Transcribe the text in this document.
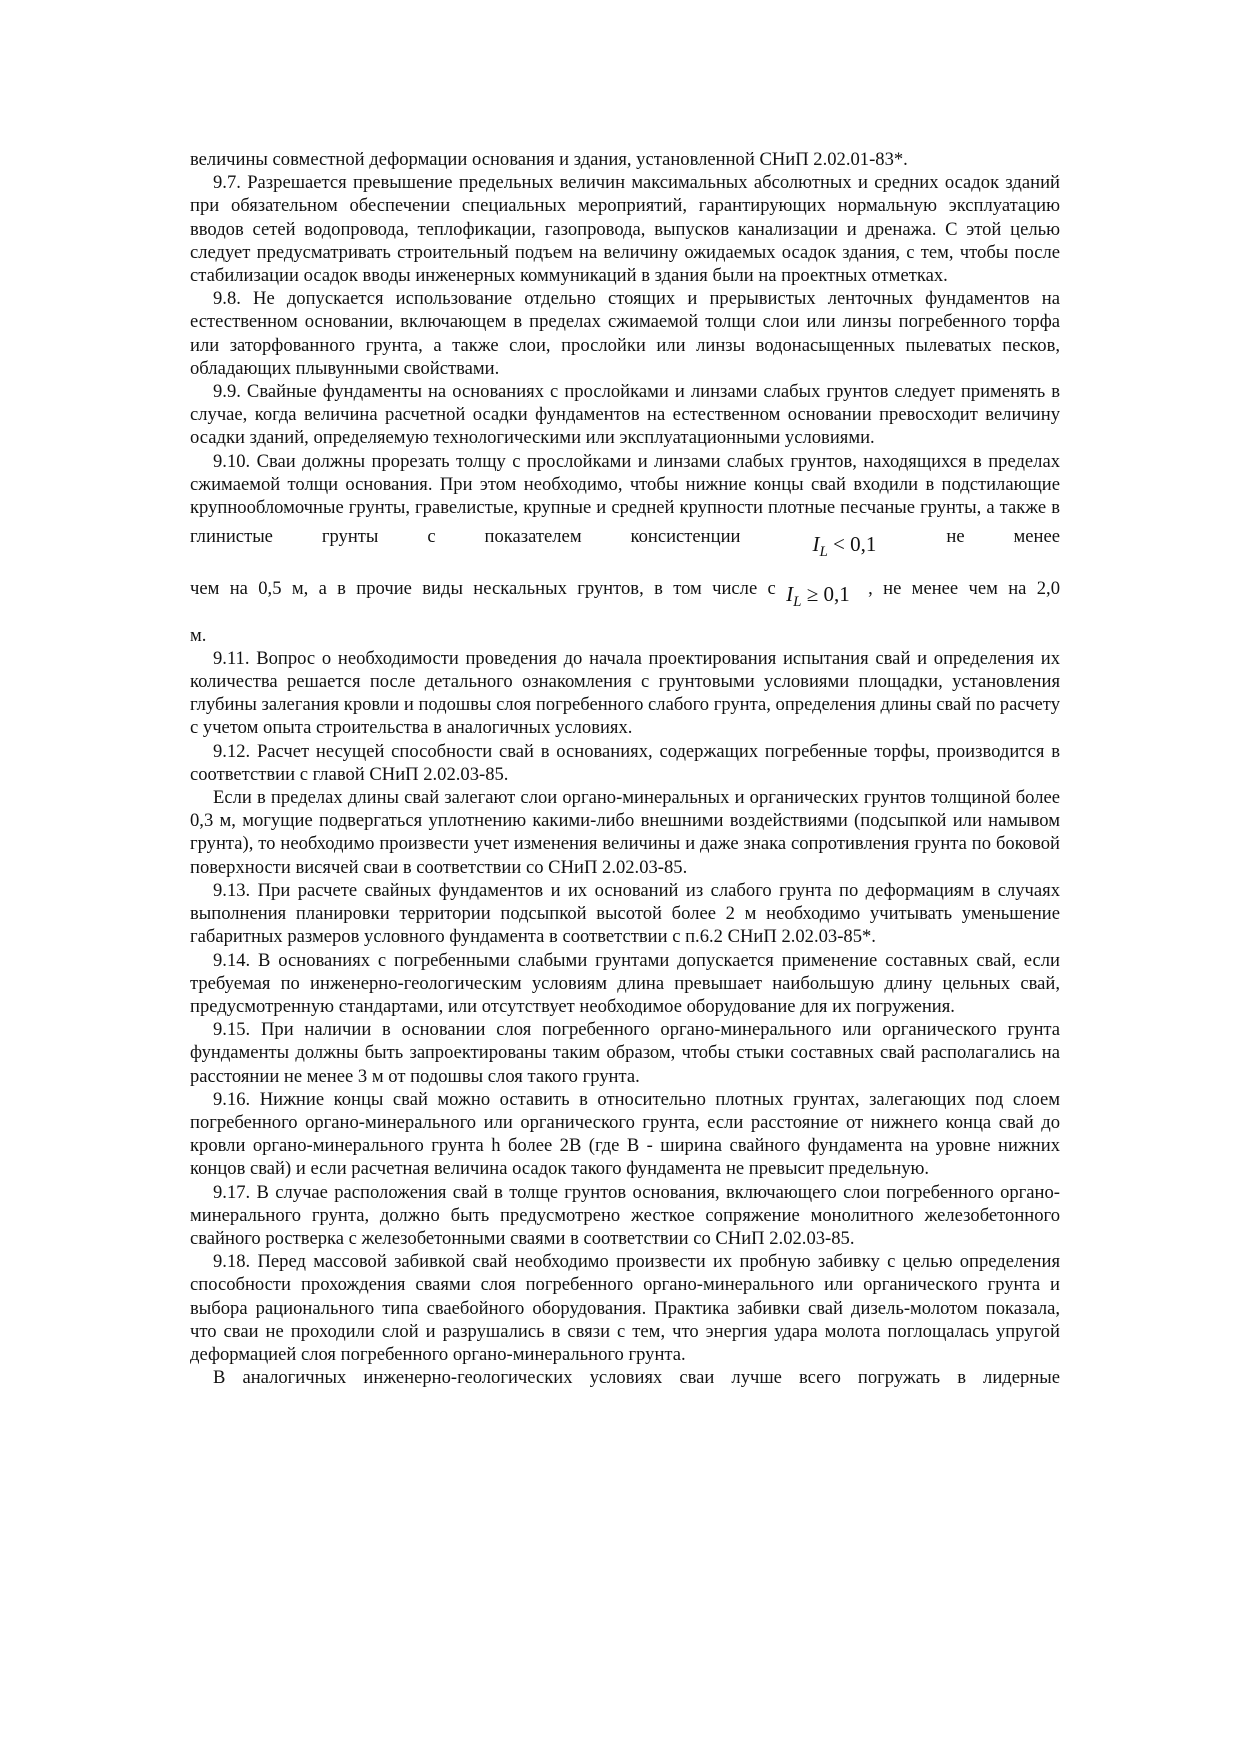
величины совместной деформации основания и здания, установленной СНиП 2.02.01-83*.

9.7. Разрешается превышение предельных величин максимальных абсолютных и средних осадок зданий при обязательном обеспечении специальных мероприятий, гарантирующих нормальную эксплуатацию вводов сетей водопровода, теплофикации, газопровода, выпусков канализации и дренажа. С этой целью следует предусматривать строительный подъем на величину ожидаемых осадок здания, с тем, чтобы после стабилизации осадок вводы инженерных коммуникаций в здания были на проектных отметках.

9.8. Не допускается использование отдельно стоящих и прерывистых ленточных фундаментов на естественном основании, включающем в пределах сжимаемой толщи слои или линзы погребенного торфа или заторфованного грунта, а также слои, прослойки или линзы водонасыщенных пылеватых песков, обладающих плывунными свойствами.

9.9. Свайные фундаменты на основаниях с прослойками и линзами слабых грунтов следует применять в случае, когда величина расчетной осадки фундаментов на естественном основании превосходит величину осадки зданий, определяемую технологическими или эксплуатационными условиями.

9.10. Сваи должны прорезать толщу с прослойками и линзами слабых грунтов, находящихся в пределах сжимаемой толщи основания. При этом необходимо, чтобы нижние концы свай входили в подстилающие крупнообломочные грунты, гравелистые, крупные и средней крупности плотные песчаные грунты, а также в глинистые грунты с показателем консистенции	$I_L < 0,1$	не менее

чем на 0,5 м, а в прочие виды нескальных грунтов, в том числе с $I_L \ge 0,1$ , не менее чем на 2,0

м.

9.11. Вопрос о необходимости проведения до начала проектирования испытания свай и определения их количества решается после детального ознакомления с грунтовыми условиями площадки, установления глубины залегания кровли и подошвы слоя погребенного слабого грунта, определения длины свай по расчету с учетом опыта строительства в аналогичных условиях.

9.12. Расчет несущей способности свай в основаниях, содержащих погребенные торфы, производится в соответствии с главой СНиП 2.02.03-85.

Если в пределах длины свай залегают слои органо-минеральных и органических грунтов толщиной более 0,3 м, могущие подвергаться уплотнению какими-либо внешними воздействиями (подсыпкой или намывом грунта), то необходимо произвести учет изменения величины и даже знака сопротивления грунта по боковой поверхности висячей сваи в соответствии со СНиП 2.02.03-85.

9.13. При расчете свайных фундаментов и их оснований из слабого грунта по деформациям в случаях выполнения планировки территории подсыпкой высотой более 2 м необходимо учитывать уменьшение габаритных размеров условного фундамента в соответствии с п.6.2 СНиП 2.02.03-85*.

9.14. В основаниях с погребенными слабыми грунтами допускается применение составных свай, если требуемая по инженерно-геологическим условиям длина превышает наибольшую длину цельных свай, предусмотренную стандартами, или отсутствует необходимое оборудование для их погружения.

9.15. При наличии в основании слоя погребенного органо-минерального или органического грунта фундаменты должны быть запроектированы таким образом, чтобы стыки составных свай располагались на расстоянии не менее 3 м от подошвы слоя такого грунта.

9.16. Нижние концы свай можно оставить в относительно плотных грунтах, залегающих под слоем погребенного органо-минерального или органического грунта, если расстояние от нижнего конца свай до кровли органо-минерального грунта h более 2В (где В - ширина свайного фундамента на уровне нижних концов свай) и если расчетная величина осадок такого фундамента не превысит предельную.

9.17. В случае расположения свай в толще грунтов основания, включающего слои погребенного органо-минерального грунта, должно быть предусмотрено жесткое сопряжение монолитного железобетонного свайного ростверка с железобетонными сваями в соответствии со СНиП 2.02.03-85.

9.18. Перед массовой забивкой свай необходимо произвести их пробную забивку с целью определения способности прохождения сваями слоя погребенного органо-минерального или органического грунта и выбора рационального типа сваебойного оборудования. Практика забивки свай дизель-молотом показала, что сваи не проходили слой и разрушались в связи с тем, что энергия удара молота поглощалась упругой деформацией слоя погребенного органо-минерального грунта.

В аналогичных инженерно-геологических условиях сваи лучше всего погружать в лидерные
